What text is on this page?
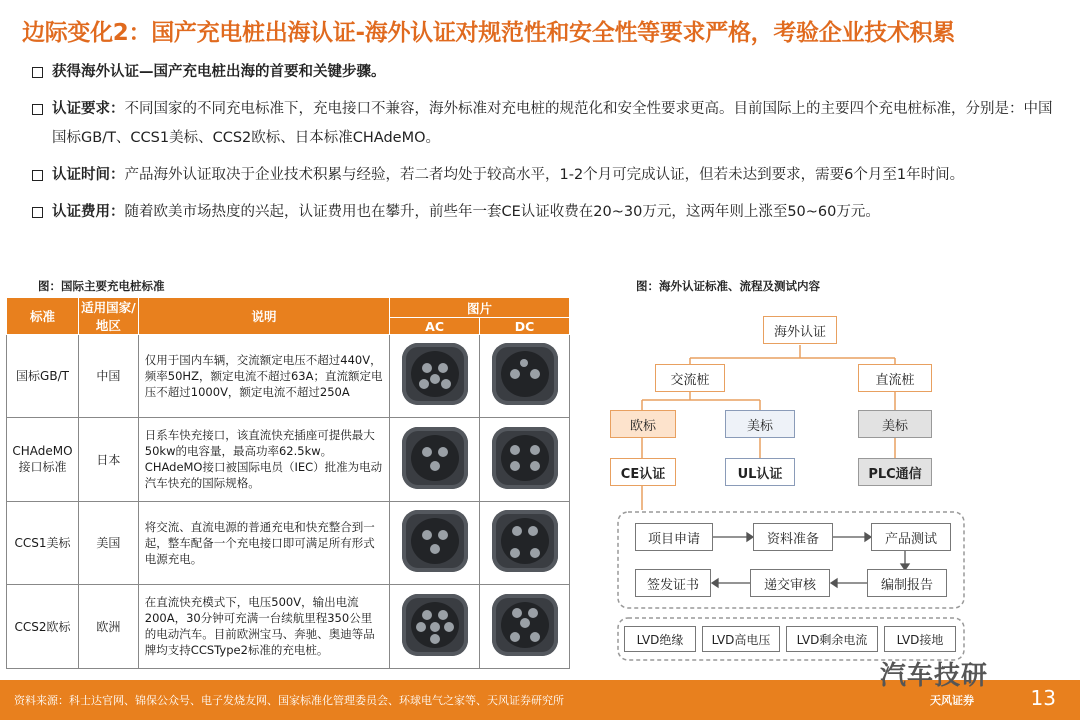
边际变化2：国产充电桩出海认证-海外认证对规范性和安全性等要求严格，考验企业技术积累
获得海外认证—国产充电桩出海的首要和关键步骤。
认证要求：不同国家的不同充电标准下，充电接口不兼容，海外标准对充电桩的规范化和安全性要求更高。目前国际上的主要四个充电桩标准，分别是：中国国标GB/T、CCS1美标、CCS2欧标、日本标准CHAdeMO。
认证时间：产品海外认证取决于企业技术积累与经验，若二者均处于较高水平，1-2个月可完成认证，但若未达到要求，需要6个月至1年时间。
认证费用：随着欧美市场热度的兴起，认证费用也在攀升，前些年一套CE认证收费在20~30万元，这两年则上涨至50~60万元。
图：国际主要充电桩标准	图：海外认证标准、流程及测试内容
标准	适用国家/地区	说明	图片	
			AC	DC
国标GB/T	中国	仅用于国内车辆，交流额定电压不超过440V，频率50HZ，额定电流不超过63A；直流额定电压不超过1000V，额定电流不超过250A	

CHAdeMO接口标准	日本	日系车快充接口，该直流快充插座可提供最大50kw的电容量，最高功率62.5kw。CHAdeMO接口被国际电员（IEC）批准为电动汽车快充的国际规格。	

CCS1美标	美国	将交流、直流电源的普通充电和快充整合到一起，整车配备一个充电接口即可满足所有形式电源充电。	

CCS2欧标	欧洲	在直流快充模式下，电压500V，输出电流200A，30分钟可充满一台续航里程350公里的电动汽车。目前欧洲宝马、奔驰、奥迪等品牌均支持CCSType2标准的充电桩。	

海外认证
交流桩	直流桩
欧标	美标	美标
CE认证	UL认证	PLC通信
项目申请	资料准备	产品测试
编制报告
递交审核
签发证书
LVD绝缘	LVD高电压	LVD剩余电流	LVD接地
资料来源：科士达官网、锦保公众号、电子发烧友网、国家标准化管理委员会、环球电气之家等、天风证券研究所	天风证券	13
汽车技研
